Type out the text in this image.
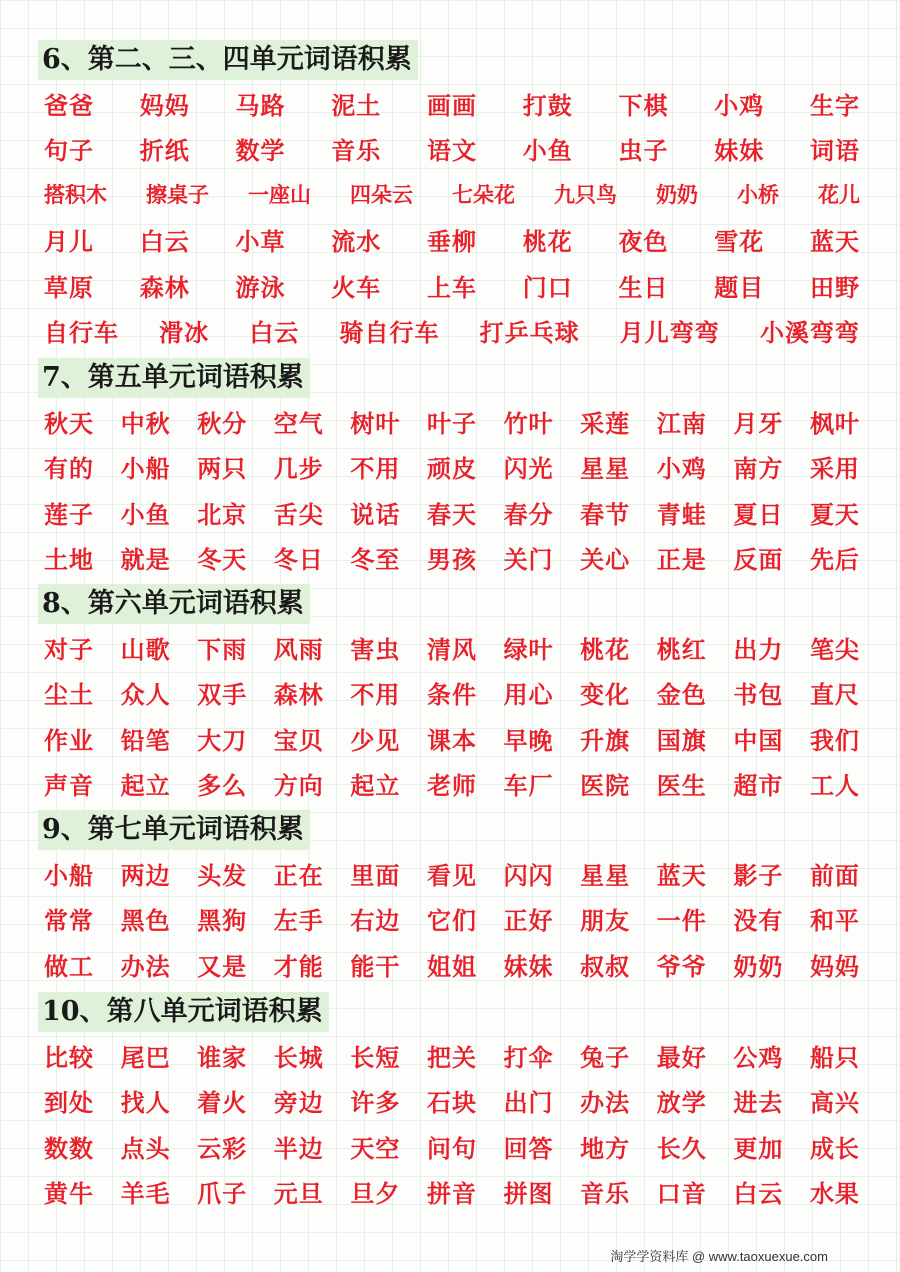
6、第二、三、四单元词语积累
爸爸 妈妈 马路 泥土 画画 打鼓 下棋 小鸡 生字
句子 折纸 数学 音乐 语文 小鱼 虫子 妹妹 词语
搭积木 擦桌子 一座山 四朵云 七朵花 九只鸟 奶奶 小桥 花儿
月儿 白云 小草 流水 垂柳 桃花 夜色 雪花 蓝天
草原 森林 游泳 火车 上车 门口 生日 题目 田野
自行车 滑冰 白云 骑自行车 打乒乓球 月儿弯弯 小溪弯弯
7、第五单元词语积累
秋天 中秋 秋分 空气 树叶 叶子 竹叶 采莲 江南 月牙 枫叶
有的 小船 两只 几步 不用 顽皮 闪光 星星 小鸡 南方 采用
莲子 小鱼 北京 舌尖 说话 春天 春分 春节 青蛙 夏日 夏天
土地 就是 冬天 冬日 冬至 男孩 关门 关心 正是 反面 先后
8、第六单元词语积累
对子 山歌 下雨 风雨 害虫 清风 绿叶 桃花 桃红 出力 笔尖
尘土 众人 双手 森林 不用 条件 用心 变化 金色 书包 直尺
作业 铅笔 大刀 宝贝 少见 课本 早晚 升旗 国旗 中国 我们
声音 起立 多么 方向 起立 老师 车厂 医院 医生 超市 工人
9、第七单元词语积累
小船 两边 头发 正在 里面 看见 闪闪 星星 蓝天 影子 前面
常常 黑色 黑狗 左手 右边 它们 正好 朋友 一件 没有 和平
做工 办法 又是 才能 能干 姐姐 妹妹 叔叔 爷爷 奶奶 妈妈
10、第八单元词语积累
比较 尾巴 谁家 长城 长短 把关 打伞 兔子 最好 公鸡 船只
到处 找人 着火 旁边 许多 石块 出门 办法 放学 进去 高兴
数数 点头 云彩 半边 天空 问句 回答 地方 长久 更加 成长
黄牛 羊毛 爪子 元旦 旦夕 拼音 拼图 音乐 口音 白云 水果
淘学学资料库 @ www.taoxuexue.com
